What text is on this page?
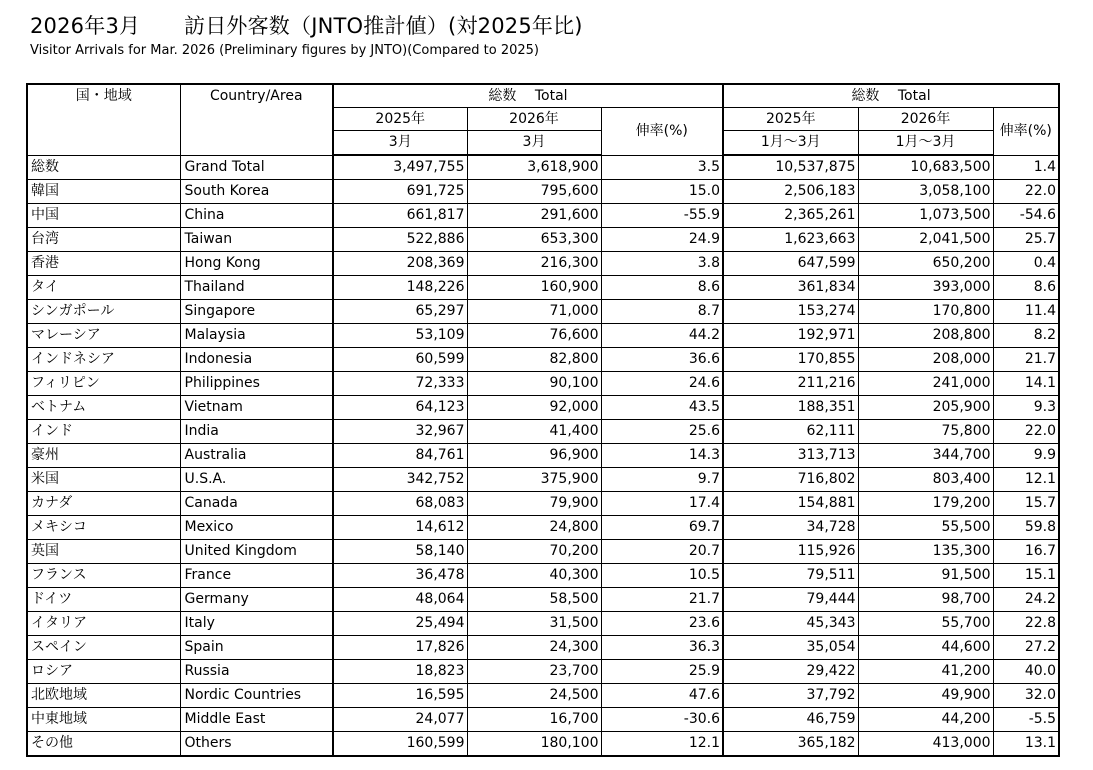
2026年3月 訪日外客数（JNTO推計値）(対2025年比)
Visitor Arrivals for Mar. 2026 (Preliminary figures by JNTO)(Compared to 2025)
国・地域	Country/Area	総数　 Total			総数　 Total		
		2025年	2026年	伸率(%)	2025年	2026年	伸率(%)
		3月	3月		1月～3月	1月～3月	
総数	Grand Total	3,497,755	3,618,900	3.5	10,537,875	10,683,500	1.4
韓国	South Korea	691,725	795,600	15.0	2,506,183	3,058,100	22.0
中国	China	661,817	291,600	-55.9	2,365,261	1,073,500	-54.6
台湾	Taiwan	522,886	653,300	24.9	1,623,663	2,041,500	25.7
香港	Hong Kong	208,369	216,300	3.8	647,599	650,200	0.4
タイ	Thailand	148,226	160,900	8.6	361,834	393,000	8.6
シンガポール	Singapore	65,297	71,000	8.7	153,274	170,800	11.4
マレーシア	Malaysia	53,109	76,600	44.2	192,971	208,800	8.2
インドネシア	Indonesia	60,599	82,800	36.6	170,855	208,000	21.7
フィリピン	Philippines	72,333	90,100	24.6	211,216	241,000	14.1
ベトナム	Vietnam	64,123	92,000	43.5	188,351	205,900	9.3
インド	India	32,967	41,400	25.6	62,111	75,800	22.0
豪州	Australia	84,761	96,900	14.3	313,713	344,700	9.9
米国	U.S.A.	342,752	375,900	9.7	716,802	803,400	12.1
カナダ	Canada	68,083	79,900	17.4	154,881	179,200	15.7
メキシコ	Mexico	14,612	24,800	69.7	34,728	55,500	59.8
英国	United Kingdom	58,140	70,200	20.7	115,926	135,300	16.7
フランス	France	36,478	40,300	10.5	79,511	91,500	15.1
ドイツ	Germany	48,064	58,500	21.7	79,444	98,700	24.2
イタリア	Italy	25,494	31,500	23.6	45,343	55,700	22.8
スペイン	Spain	17,826	24,300	36.3	35,054	44,600	27.2
ロシア	Russia	18,823	23,700	25.9	29,422	41,200	40.0
北欧地域	Nordic Countries	16,595	24,500	47.6	37,792	49,900	32.0
中東地域	Middle East	24,077	16,700	-30.6	46,759	44,200	-5.5
その他	Others	160,599	180,100	12.1	365,182	413,000	13.1
